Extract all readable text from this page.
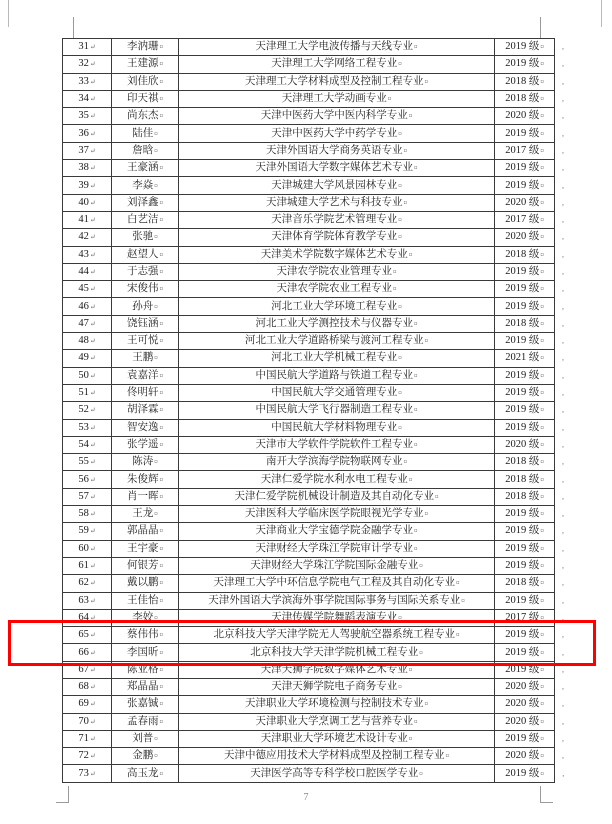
31↵	李汭珊¤	天津理工大学电波传播与天线专业¤	2019 级¤	,
32↵	王建源¤	天津理工大学网络工程专业¤	2019 级¤	,
33↵	刘佳欣¤	天津理工大学材料成型及控制工程专业¤	2018 级¤	,
34↵	印天祺¤	天津理工大学动画专业¤	2018 级¤	,
35↵	尚东杰¤	天津中医药大学中医内科学专业¤	2020 级¤	,
36↵	陆佳¤	天津中医药大学中药学专业¤	2019 级¤	,
37↵	詹晗¤	天津外国语大学商务英语专业¤	2017 级¤	,
38↵	王豪涵¤	天津外国语大学数字媒体艺术专业¤	2019 级¤	,
39↵	李焱¤	天津城建大学风景园林专业¤	2019 级¤	,
40↵	刘泽鑫¤	天津城建大学艺术与科技专业¤	2020 级¤	,
41↵	白艺洁¤	天津音乐学院艺术管理专业¤	2017 级¤	,
42↵	张驰¤	天津体育学院体育教学专业¤	2020 级¤	,
43↵	赵望人¤	天津美术学院数字媒体艺术专业¤	2018 级¤	,
44↵	于志强¤	天津农学院农业管理专业¤	2019 级¤	,
45↵	宋俊伟¤	天津农学院农业工程专业¤	2019 级¤	,
46↵	孙舟¤	河北工业大学环境工程专业¤	2019 级¤	,
47↵	饶钰涵¤	河北工业大学测控技术与仪器专业¤	2018 级¤	,
48↵	王可悦¤	河北工业大学道路桥梁与渡河工程专业¤	2019 级¤	,
49↵	王鹏¤	河北工业大学机械工程专业¤	2021 级¤	,
50↵	袁嘉洋¤	中国民航大学道路与铁道工程专业¤	2019 级¤	,
51↵	佟明轩¤	中国民航大学交通管理专业¤	2019 级¤	,
52↵	胡泽霖¤	中国民航大学飞行器制造工程专业¤	2019 级¤	,
53↵	智安逸¤	中国民航大学材料物理专业¤	2019 级¤	,
54↵	张学遥¤	天津市大学软件学院软件工程专业¤	2020 级¤	,
55↵	陈涛¤	南开大学滨海学院物联网专业¤	2018 级¤	,
56↵	朱俊辉¤	天津仁爱学院水利水电工程专业¤	2018 级¤	,
57↵	肖一晖¤	天津仁爱学院机械设计制造及其自动化专业¤	2018 级¤	,
58↵	王龙¤	天津医科大学临床医学院眼视光学专业¤	2019 级¤	,
59↵	郭晶晶¤	天津商业大学宝德学院金融学专业¤	2019 级¤	,
60↵	王宇豪¤	天津财经大学珠江学院审计学专业¤	2019 级¤	,
61↵	何银芳¤	天津财经大学珠江学院国际金融专业¤	2019 级¤	,
62↵	戴以鹏¤	天津理工大学中环信息学院电气工程及其自动化专业¤	2018 级¤	,
63↵	王佳怡¤	天津外国语大学滨海外事学院国际事务与国际关系专业¤	2019 级¤	,
64↵	李姣¤	天津传媒学院舞蹈表演专业¤	2017 级¤	,
65↵	蔡伟伟¤	北京科技大学天津学院无人驾驶航空器系统工程专业¤	2019 级¤	,
66↵	李国昕¤	北京科技大学天津学院机械工程专业¤	2019 级¤	,
67↵	陈亚格¤	天津天狮学院数字媒体艺术专业¤	2019 级¤	,
68↵	郑晶晶¤	天津天狮学院电子商务专业¤	2020 级¤	,
69↵	张嘉铖¤	天津职业大学环境检测与控制技术专业¤	2020 级¤	,
70↵	孟春雨¤	天津职业大学烹调工艺与营养专业¤	2020 级¤	,
71↵	刘普¤	天津职业大学环境艺术设计专业¤	2019 级¤	,
72↵	金鹏¤	天津中德应用技术大学材料成型及控制工程专业¤	2020 级¤	,
73↵	高玉龙¤	天津医学高等专科学校口腔医学专业¤	2019 级¤	,
7
